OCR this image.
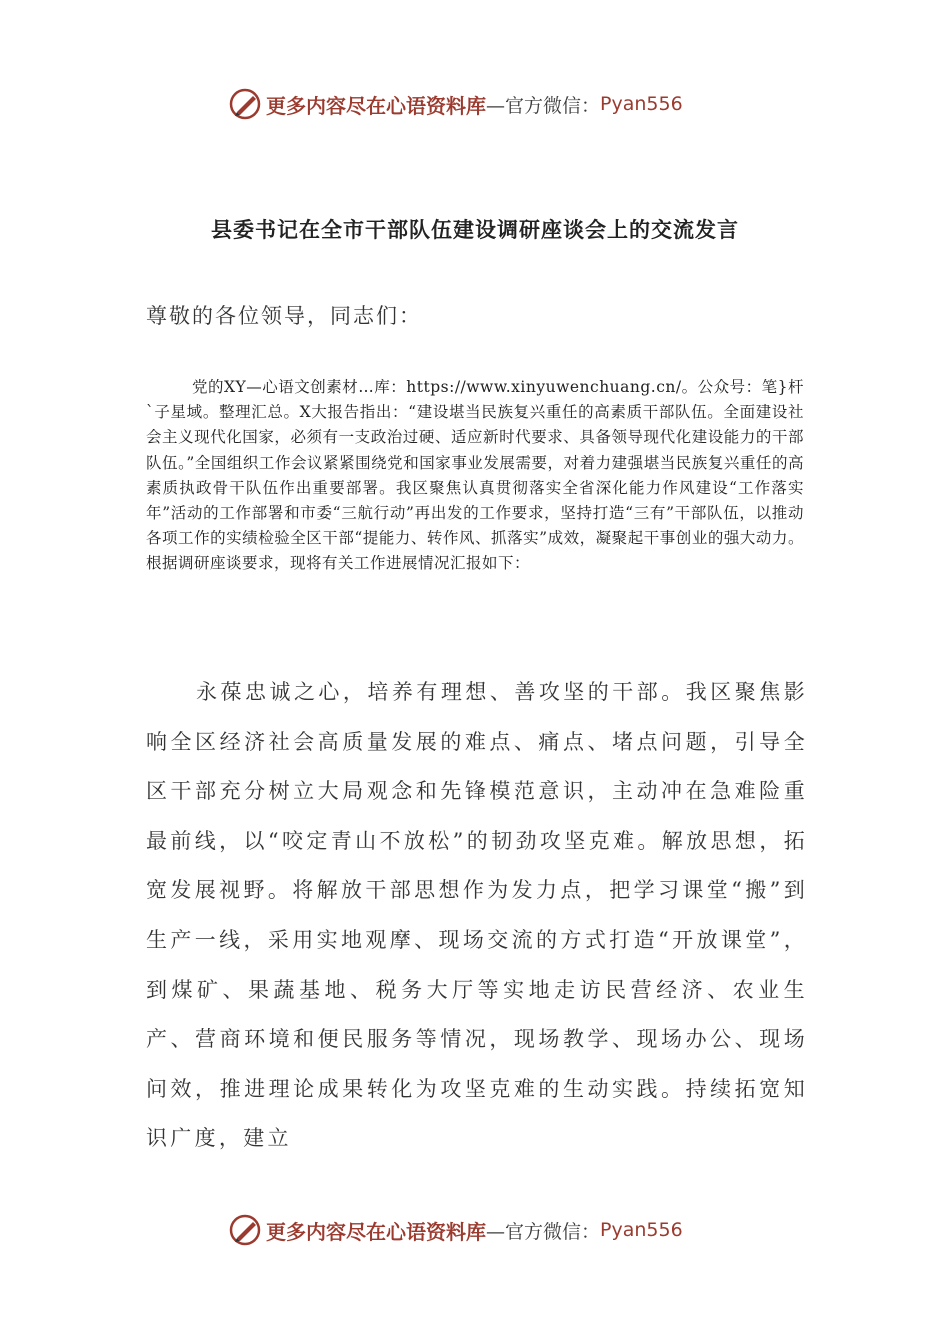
更多内容尽在心语资料库 —官方微信： Pyan556
县委书记在全市干部队伍建设调研座谈会上的交流发言
尊敬的各位领导，同志们：
党的XY—心语文创素材…库：https://www.xinyuwenchuang.cn/。公众号：笔}杆`子星域。整理汇总。X大报告指出：“建设堪当民族复兴重任的高素质干部队伍。全面建设社会主义现代化国家，必须有一支政治过硬、适应新时代要求、具备领导现代化建设能力的干部队伍。”全国组织工作会议紧紧围绕党和国家事业发展需要，对着力建强堪当民族复兴重任的高素质执政骨干队伍作出重要部署。我区聚焦认真贯彻落实全省深化能力作风建设“工作落实年”活动的工作部署和市委“三航行动”再出发的工作要求，坚持打造“三有”干部队伍，以推动各项工作的实绩检验全区干部“提能力、转作风、抓落实”成效，凝聚起干事创业的强大动力。根据调研座谈要求，现将有关工作进展情况汇报如下：
永葆忠诚之心，培养有理想、善攻坚的干部。我区聚焦影响全区经济社会高质量发展的难点、痛点、堵点问题，引导全区干部充分树立大局观念和先锋模范意识，主动冲在急难险重最前线，以“咬定青山不放松”的韧劲攻坚克难。解放思想，拓宽发展视野。将解放干部思想作为发力点，把学习课堂“搬”到生产一线，采用实地观摩、现场交流的方式打造“开放课堂”，到煤矿、果蔬基地、税务大厅等实地走访民营经济、农业生产、营商环境和便民服务等情况，现场教学、现场办公、现场问效，推进理论成果转化为攻坚克难的生动实践。持续拓宽知识广度，建立
更多内容尽在心语资料库 —官方微信： Pyan556
